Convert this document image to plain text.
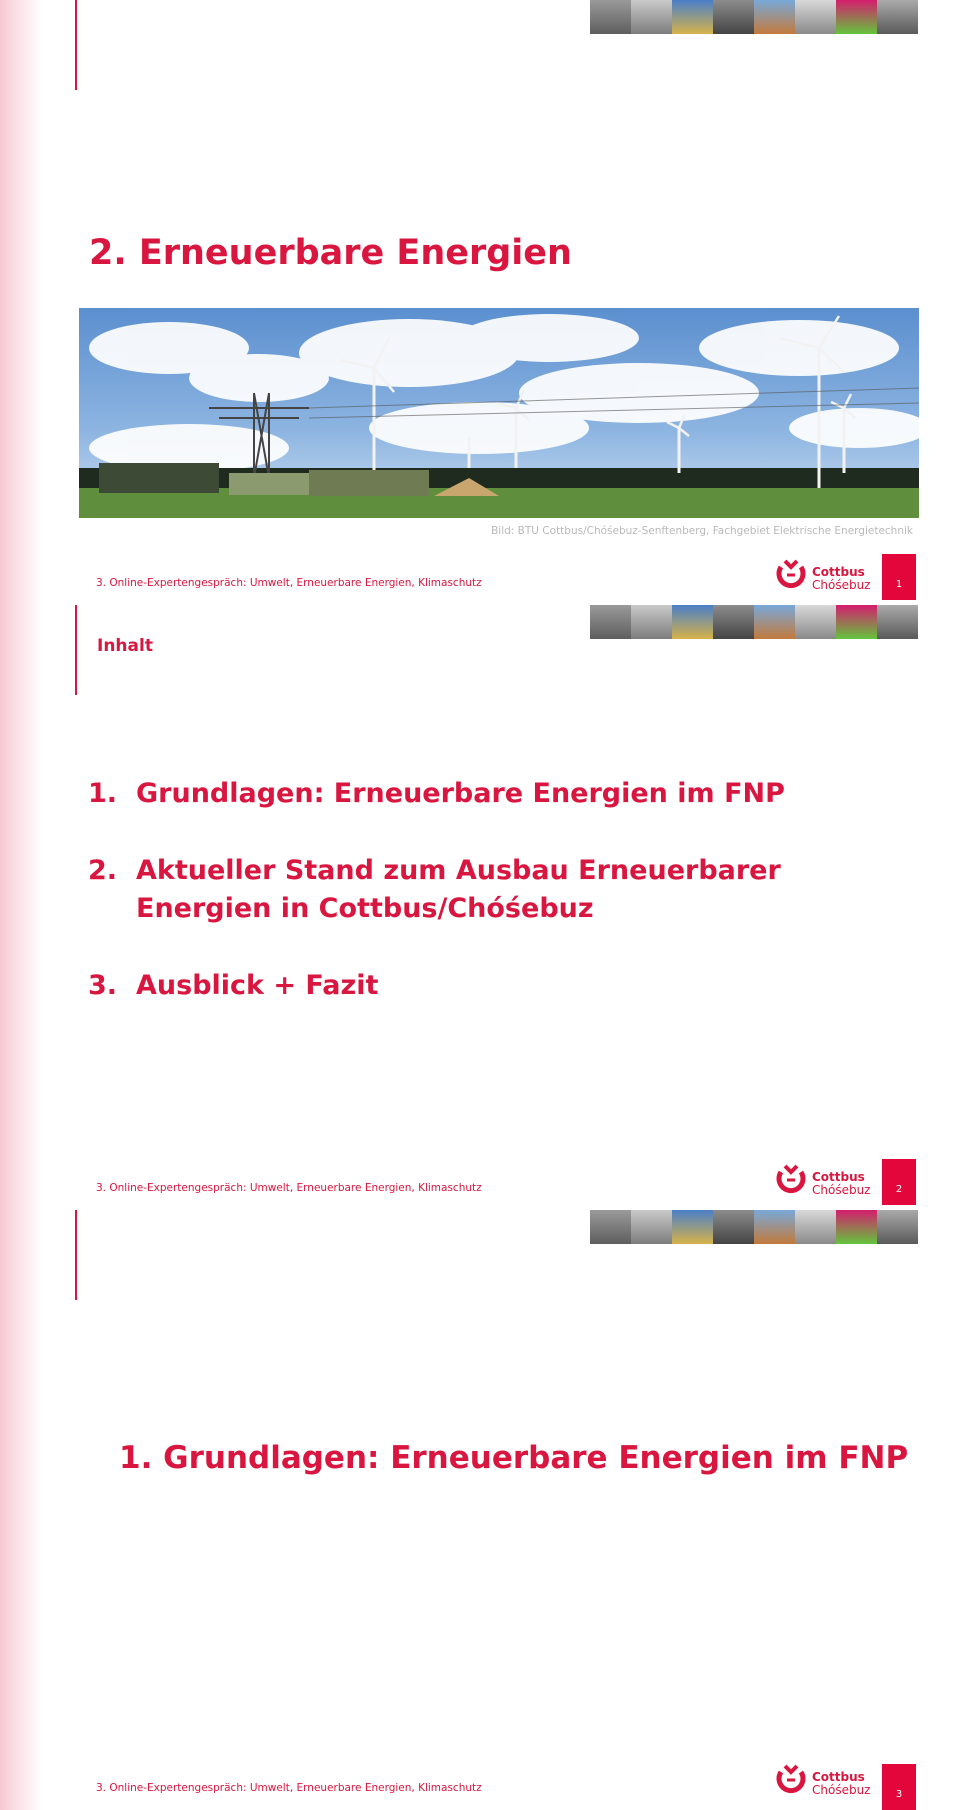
2. Erneuerbare Energien
Bild: BTU Cottbus/Chóśebuz-Senftenberg, Fachgebiet Elektrische Energietechnik
3. Online-Expertengespräch: Umwelt, Erneuerbare Energien, Klimaschutz
Cottbus
Chóśebuz	1
Inhalt
1. Grundlagen: Erneuerbare Energien im FNP
2. Aktueller Stand zum Ausbau Erneuerbarer Energien in Cottbus/Chóśebuz
3. Ausblick + Fazit
3. Online-Expertengespräch: Umwelt, Erneuerbare Energien, Klimaschutz
Cottbus
Chóśebuz	2
1. Grundlagen: Erneuerbare Energien im FNP
3. Online-Expertengespräch: Umwelt, Erneuerbare Energien, Klimaschutz
Cottbus
Chóśebuz	3
